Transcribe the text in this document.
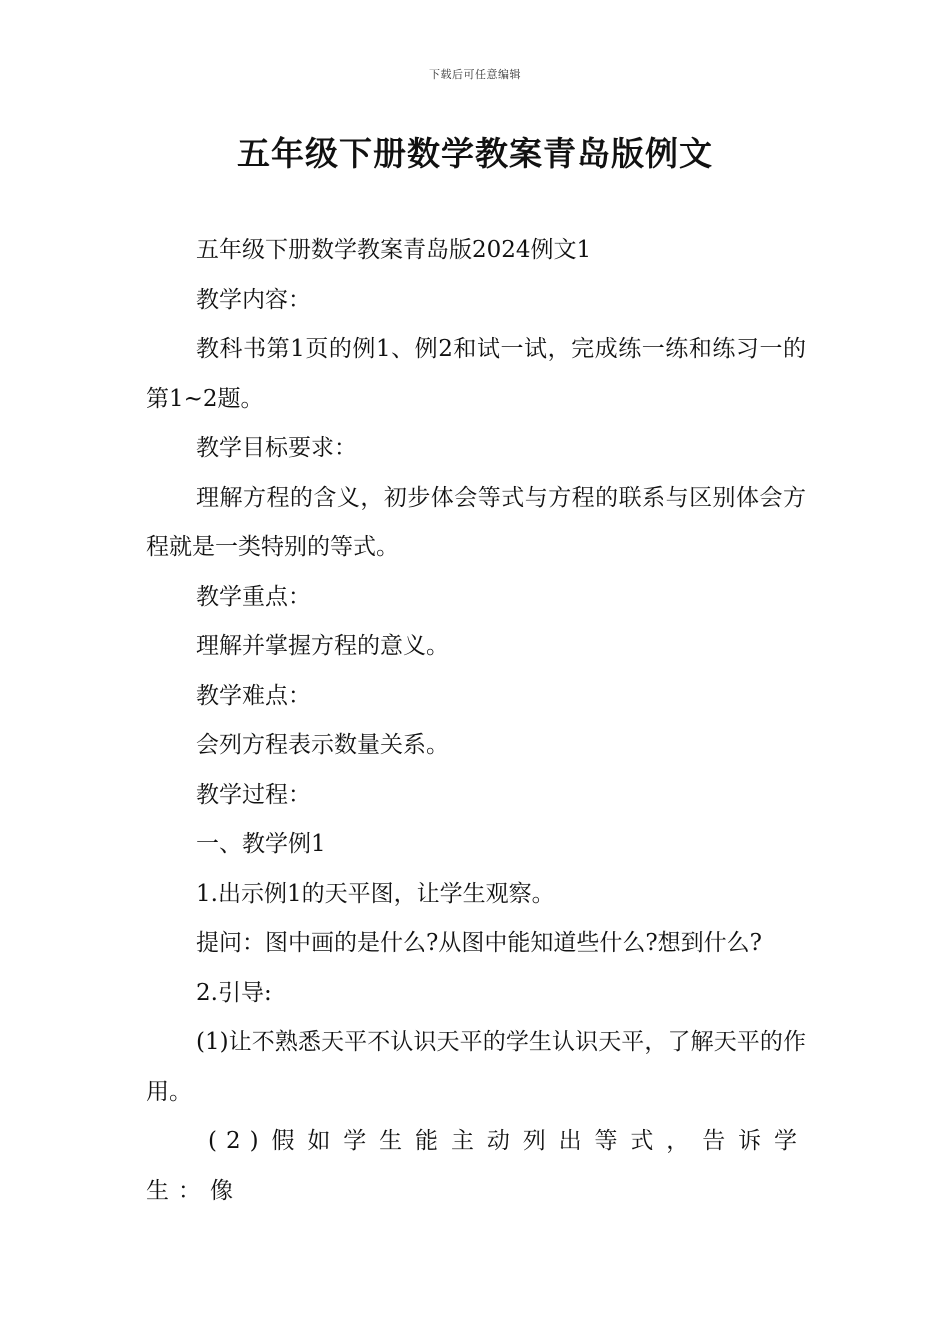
下载后可任意编辑
五年级下册数学教案青岛版例文

五年级下册数学教案青岛版2024例文1

教学内容：

教科书第1页的例1、例2和试一试，完成练一练和练习一的第1~2题。

教学目标要求：

理解方程的含义，初步体会等式与方程的联系与区别体会方程就是一类特别的等式。

教学重点：

理解并掌握方程的意义。

教学难点：

会列方程表示数量关系。

教学过程：

一、教学例1

1.出示例1的天平图，让学生观察。

提问：图中画的是什么?从图中能知道些什么?想到什么?

2.引导:

(1)让不熟悉天平不认识天平的学生认识天平，了解天平的作用。

(2)假如学生能主动列出等式，告诉学生：像
